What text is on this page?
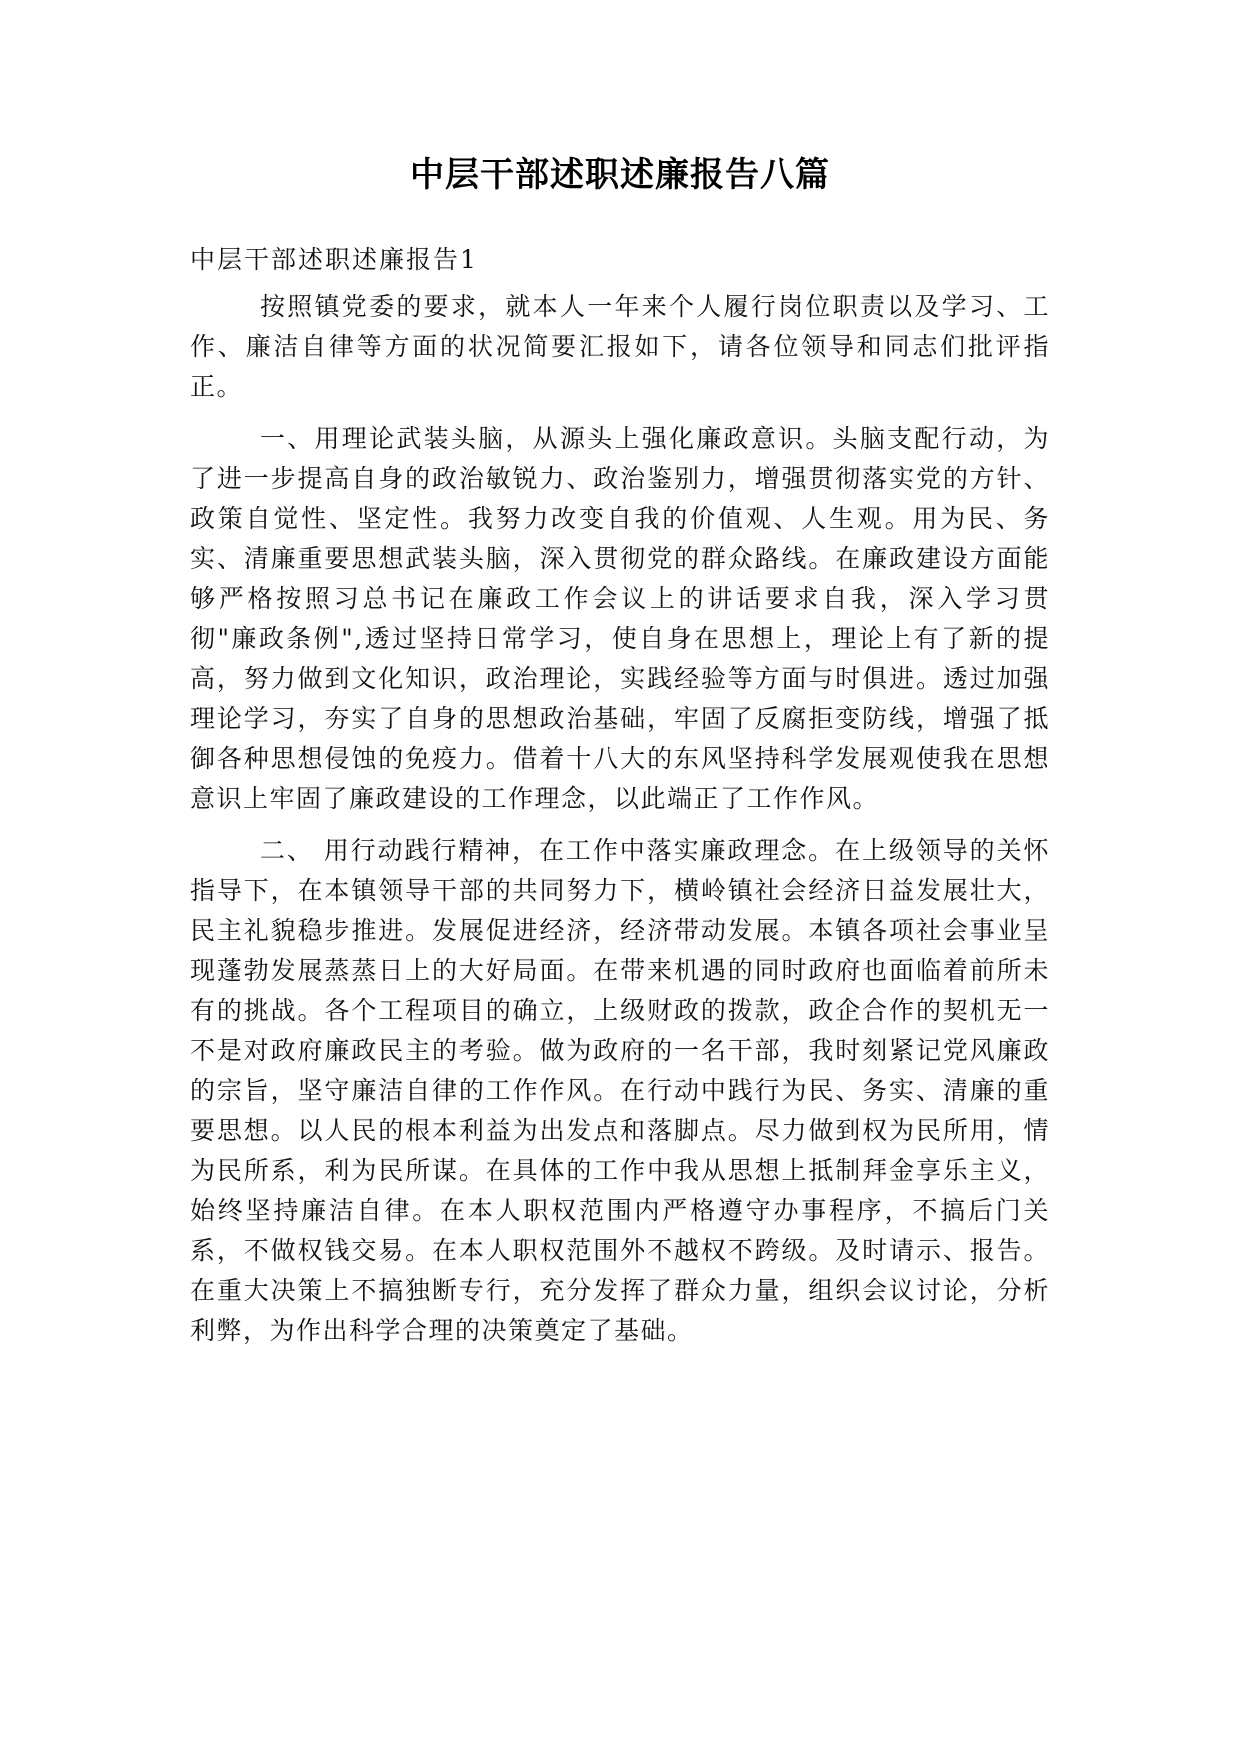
中层干部述职述廉报告八篇
中层干部述职述廉报告1

按照镇党委的要求，就本人一年来个人履行岗位职责以及学习、工作、廉洁自律等方面的状况简要汇报如下，请各位领导和同志们批评指正。

一、用理论武装头脑，从源头上强化廉政意识。头脑支配行动，为了进一步提高自身的政治敏锐力、政治鉴别力，增强贯彻落实党的方针、政策自觉性、坚定性。我努力改变自我的价值观、人生观。用为民、务实、清廉重要思想武装头脑，深入贯彻党的群众路线。在廉政建设方面能够严格按照习总书记在廉政工作会议上的讲话要求自我，深入学习贯彻"廉政条例",透过坚持日常学习，使自身在思想上，理论上有了新的提高，努力做到文化知识，政治理论，实践经验等方面与时俱进。透过加强理论学习，夯实了自身的思想政治基础，牢固了反腐拒变防线，增强了抵御各种思想侵蚀的免疫力。借着十八大的东风坚持科学发展观使我在思想意识上牢固了廉政建设的工作理念，以此端正了工作作风。

二、 用行动践行精神，在工作中落实廉政理念。在上级领导的关怀指导下，在本镇领导干部的共同努力下，横岭镇社会经济日益发展壮大，民主礼貌稳步推进。发展促进经济，经济带动发展。本镇各项社会事业呈现蓬勃发展蒸蒸日上的大好局面。在带来机遇的同时政府也面临着前所未有的挑战。各个工程项目的确立，上级财政的拨款，政企合作的契机无一不是对政府廉政民主的考验。做为政府的一名干部，我时刻紧记党风廉政的宗旨，坚守廉洁自律的工作作风。在行动中践行为民、务实、清廉的重要思想。以人民的根本利益为出发点和落脚点。尽力做到权为民所用，情为民所系，利为民所谋。在具体的工作中我从思想上抵制拜金享乐主义，始终坚持廉洁自律。在本人职权范围内严格遵守办事程序，不搞后门关系，不做权钱交易。在本人职权范围外不越权不跨级。及时请示、报告。在重大决策上不搞独断专行，充分发挥了群众力量，组织会议讨论，分析利弊，为作出科学合理的决策奠定了基础。
